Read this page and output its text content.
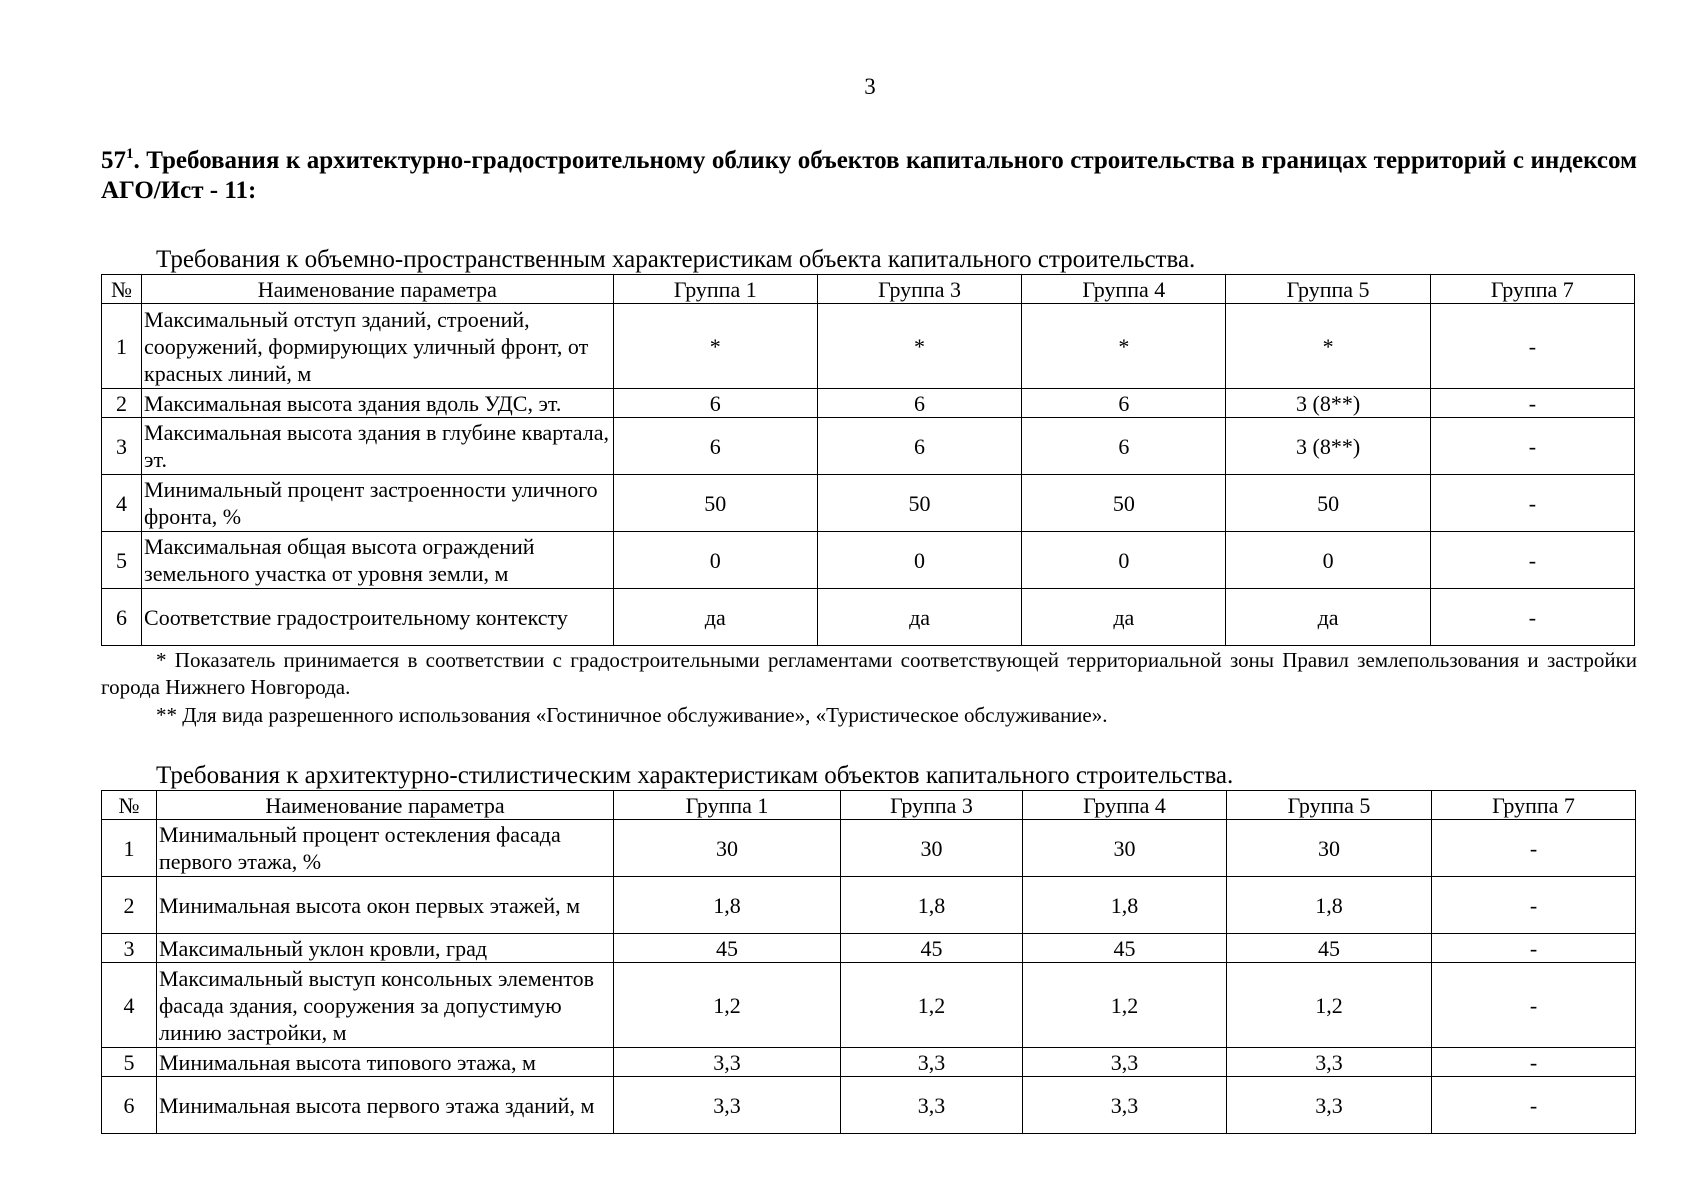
3
$57^1$. Требования к архитектурно-градостроительному облику объектов капитального строительства в границах территорий с индексом АГО/Ист - 11:
Требования к объемно-пространственным характеристикам объекта капитального строительства.
№	Наименование параметра	Группа 1	Группа 3	Группа 4	Группа 5	Группа 7
1	Максимальный отступ зданий, строений, сооружений, формирующих уличный фронт, от красных линий, м	*	*	*	*	-
2	Максимальная высота здания вдоль УДС, эт.	6	6	6	3 (8**)	-
3	Максимальная высота здания в глубине квартала, эт.	6	6	6	3 (8**)	-
4	Минимальный процент застроенности уличного фронта, %	50	50	50	50	-
5	Максимальная общая высота ограждений земельного участка от уровня земли, м	0	0	0	0	-
6	Соответствие градостроительному контексту	да	да	да	да	-
* Показатель принимается в соответствии с градостроительными регламентами соответствующей территориальной зоны Правил землепользования и застройки города Нижнего Новгорода.
** Для вида разрешенного использования «Гостиничное обслуживание», «Туристическое обслуживание».
Требования к архитектурно-стилистическим характеристикам объектов капитального строительства.
№	Наименование параметра	Группа 1	Группа 3	Группа 4	Группа 5	Группа 7
1	Минимальный процент остекления фасада первого этажа, %	30	30	30	30	-
2	Минимальная высота окон первых этажей, м	1,8	1,8	1,8	1,8	-
3	Максимальный уклон кровли, град	45	45	45	45	-
4	Максимальный выступ консольных элементов фасада здания, сооружения за допустимую линию застройки, м	1,2	1,2	1,2	1,2	-
5	Минимальная высота типового этажа, м	3,3	3,3	3,3	3,3	-
6	Минимальная высота первого этажа зданий, м	3,3	3,3	3,3	3,3	-
